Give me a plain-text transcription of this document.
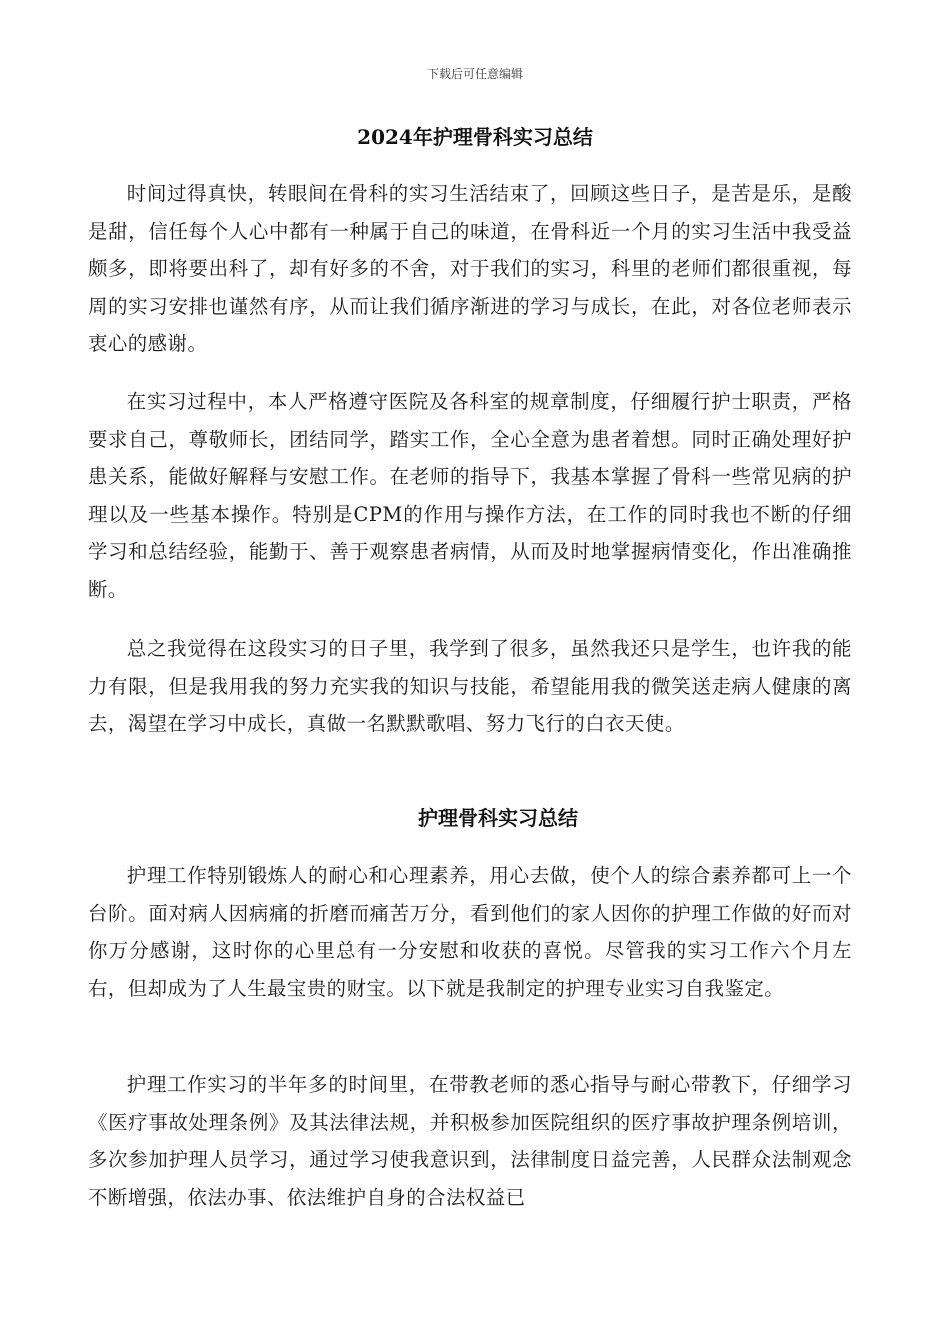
下载后可任意编辑
2024年护理骨科实习总结

时间过得真快，转眼间在骨科的实习生活结束了，回顾这些日子，是苦是乐，是酸是甜，信任每个人心中都有一种属于自己的味道，在骨科近一个月的实习生活中我受益颇多，即将要出科了，却有好多的不舍，对于我们的实习，科里的老师们都很重视，每周的实习安排也谨然有序，从而让我们循序渐进的学习与成长，在此，对各位老师表示衷心的感谢。

在实习过程中，本人严格遵守医院及各科室的规章制度，仔细履行护士职责，严格要求自己，尊敬师长，团结同学，踏实工作，全心全意为患者着想。同时正确处理好护患关系，能做好解释与安慰工作。在老师的指导下，我基本掌握了骨科一些常见病的护理以及一些基本操作。特别是CPM的作用与操作方法，在工作的同时我也不断的仔细学习和总结经验，能勤于、善于观察患者病情，从而及时地掌握病情变化，作出准确推断。

总之我觉得在这段实习的日子里，我学到了很多，虽然我还只是学生，也许我的能力有限，但是我用我的努力充实我的知识与技能，希望能用我的微笑送走病人健康的离去，渴望在学习中成长，真做一名默默歌唱、努力飞行的白衣天使。

护理骨科实习总结

护理工作特别锻炼人的耐心和心理素养，用心去做，使个人的综合素养都可上一个台阶。面对病人因病痛的折磨而痛苦万分，看到他们的家人因你的护理工作做的好而对你万分感谢，这时你的心里总有一分安慰和收获的喜悦。尽管我的实习工作六个月左右，但却成为了人生最宝贵的财宝。以下就是我制定的护理专业实习自我鉴定。

护理工作实习的半年多的时间里，在带教老师的悉心指导与耐心带教下，仔细学习《医疗事故处理条例》及其法律法规，并积极参加医院组织的医疗事故护理条例培训，多次参加护理人员学习，通过学习使我意识到，法律制度日益完善，人民群众法制观念不断增强，依法办事、依法维护自身的合法权益已
